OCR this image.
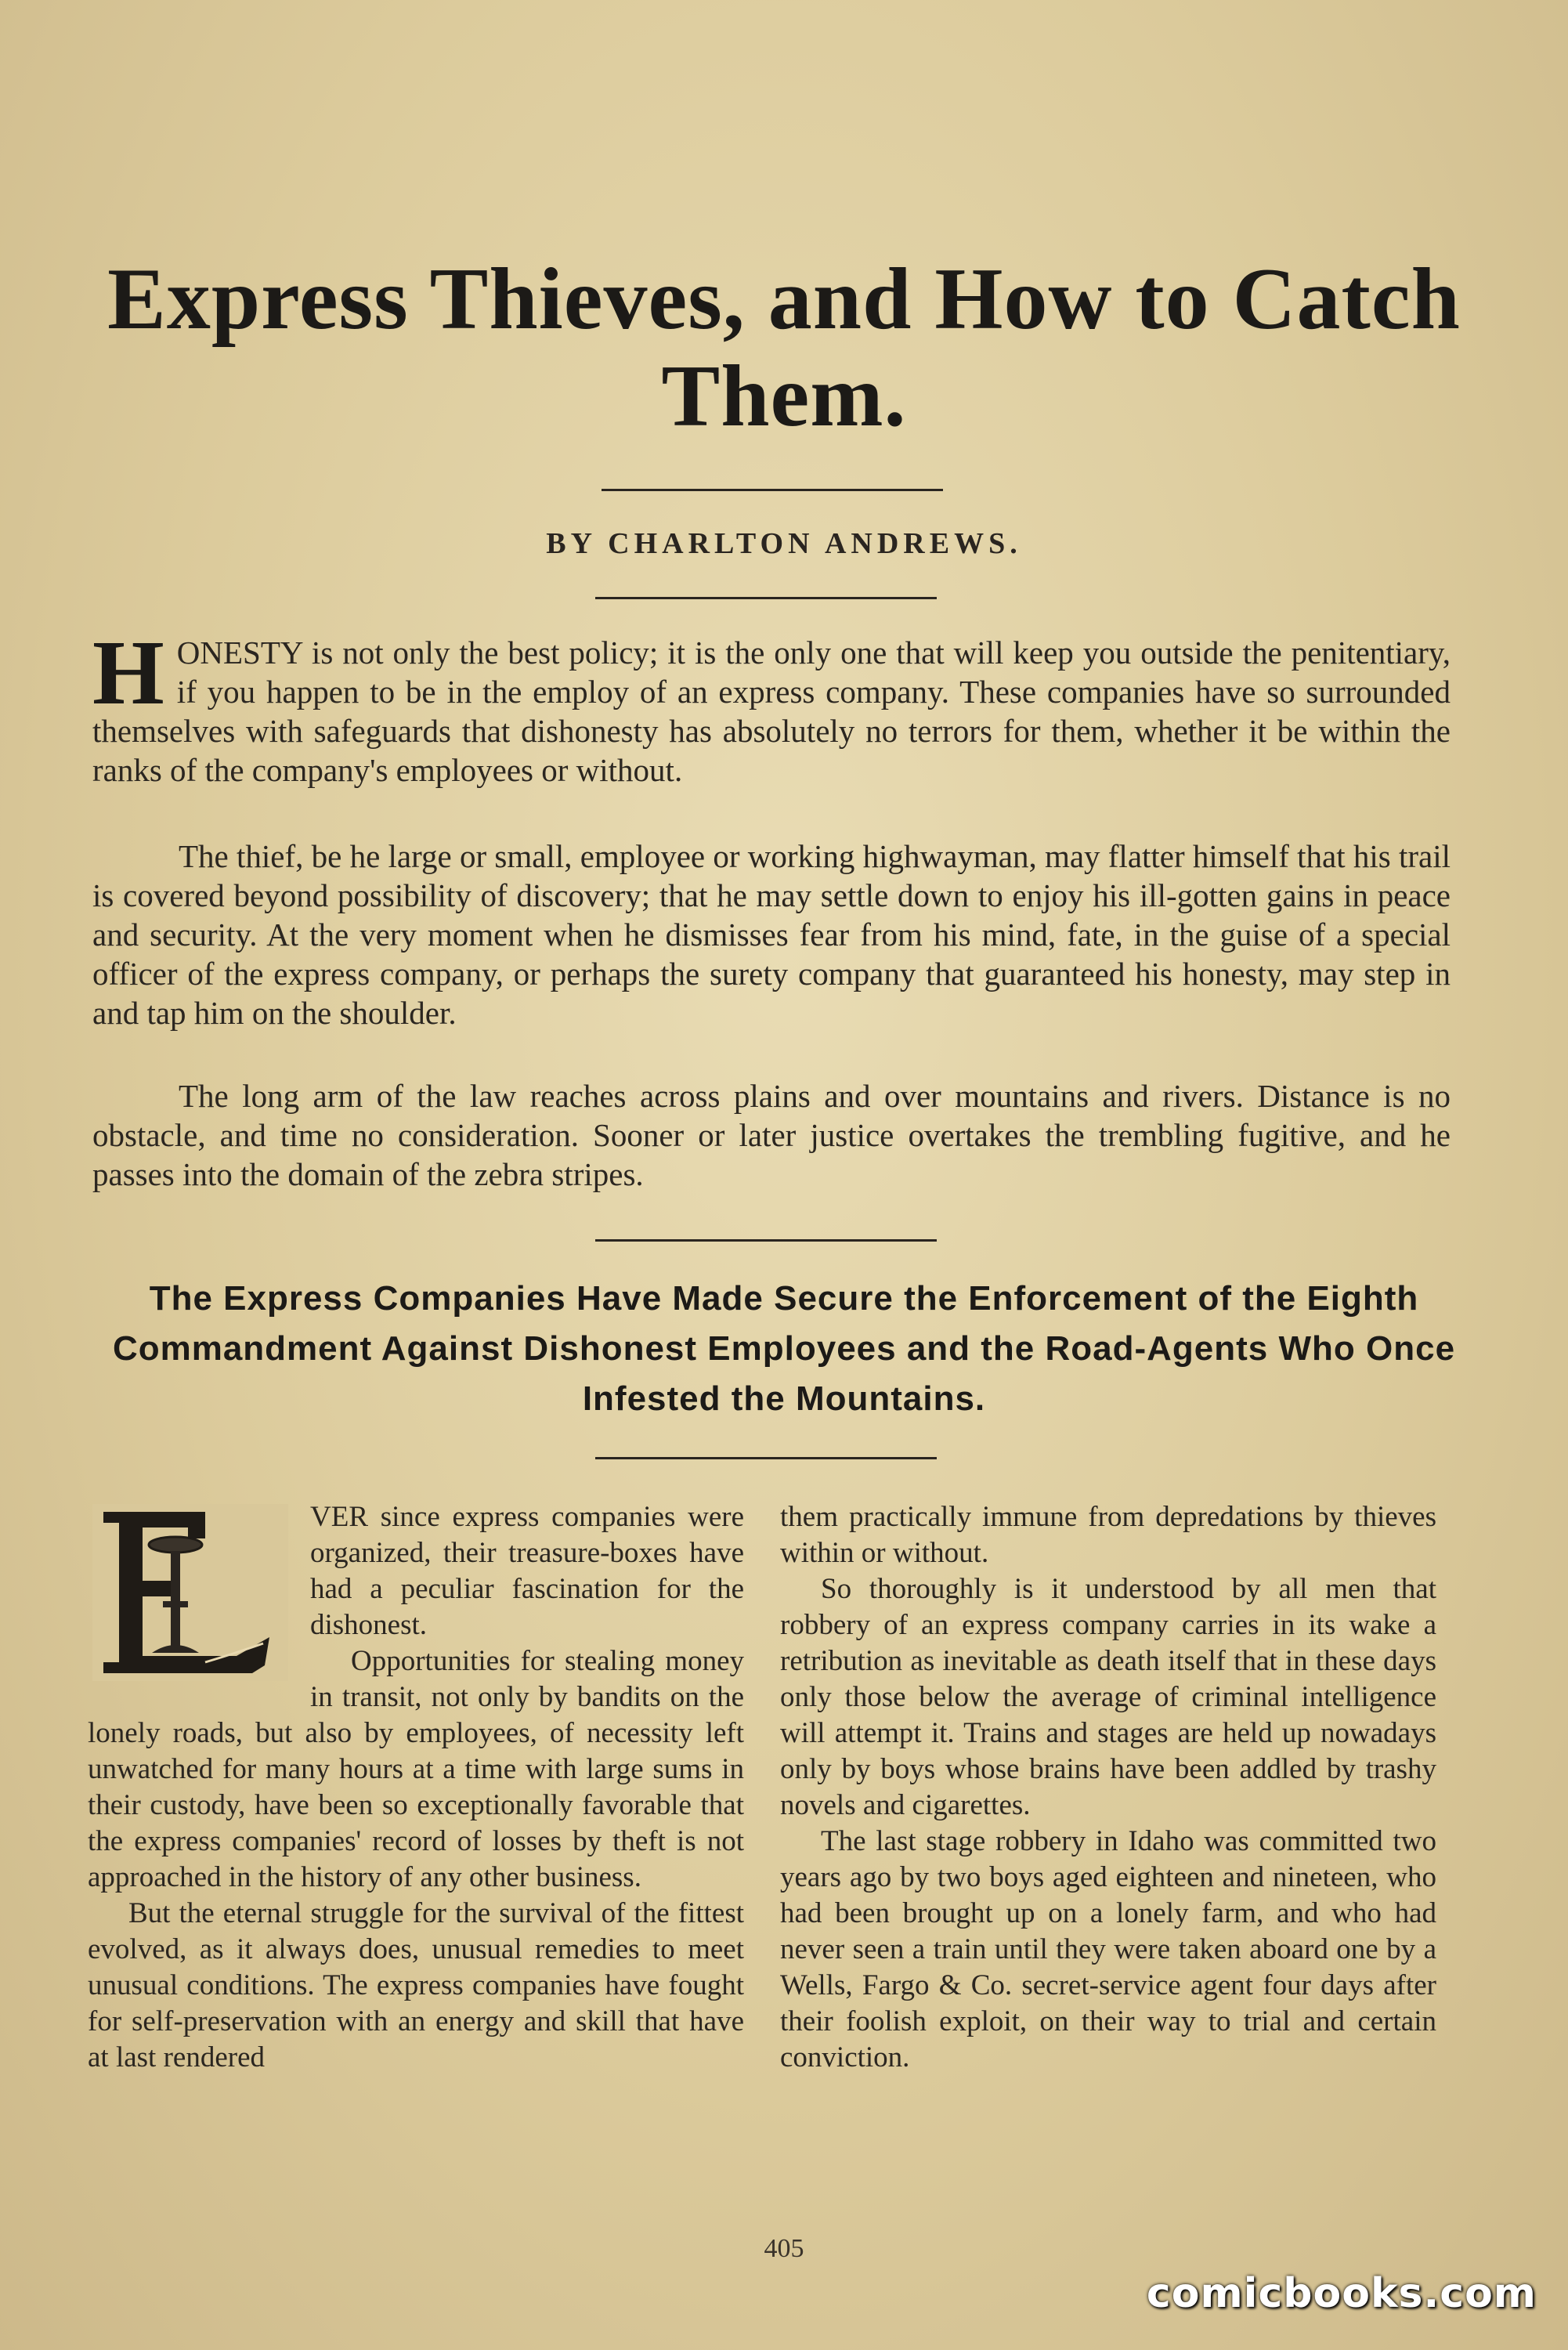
Express Thieves, and How to Catch Them.
BY CHARLTON ANDREWS.

HONESTY is not only the best policy; it is the only one that will keep you outside the penitentiary, if you happen to be in the employ of an express company. These companies have so surrounded themselves with safeguards that dishonesty has absolutely no terrors for them, whether it be within the ranks of the company's employees or without.

The thief, be he large or small, employee or working highwayman, may flatter himself that his trail is covered beyond possibility of discovery; that he may settle down to enjoy his ill-gotten gains in peace and security. At the very moment when he dismisses fear from his mind, fate, in the guise of a special officer of the express company, or perhaps the surety company that guaranteed his honesty, may step in and tap him on the shoulder.

The long arm of the law reaches across plains and over mountains and rivers. Distance is no obstacle, and time no consideration. Sooner or later justice overtakes the trembling fugitive, and he passes into the domain of the zebra stripes.

The Express Companies Have Made Secure the Enforcement of the Eighth Commandment Against Dishonest Employees and the Road-Agents Who Once Infested the Mountains.

VER since express companies were organized, their treasure-boxes have had a peculiar fascination for the dishonest.

Opportunities for stealing money in transit, not only by bandits on the lonely roads, but also by employees, of necessity left unwatched for many hours at a time with large sums in their custody, have been so exceptionally favorable that the express companies' record of losses by theft is not approached in the history of any other business.

But the eternal struggle for the survival of the fittest evolved, as it always does, unusual remedies to meet unusual conditions. The express companies have fought for self-preservation with an energy and skill that have at last rendered

them practically immune from depredations by thieves within or without.

So thoroughly is it understood by all men that robbery of an express company carries in its wake a retribution as inevitable as death itself that in these days only those below the average of criminal intelligence will attempt it. Trains and stages are held up nowadays only by boys whose brains have been addled by trashy novels and cigarettes.

The last stage robbery in Idaho was committed two years ago by two boys aged eighteen and nineteen, who had been brought up on a lonely farm, and who had never seen a train until they were taken aboard one by a Wells, Fargo & Co. secret-service agent four days after their foolish exploit, on their way to trial and certain conviction.

405
comicbooks.com
